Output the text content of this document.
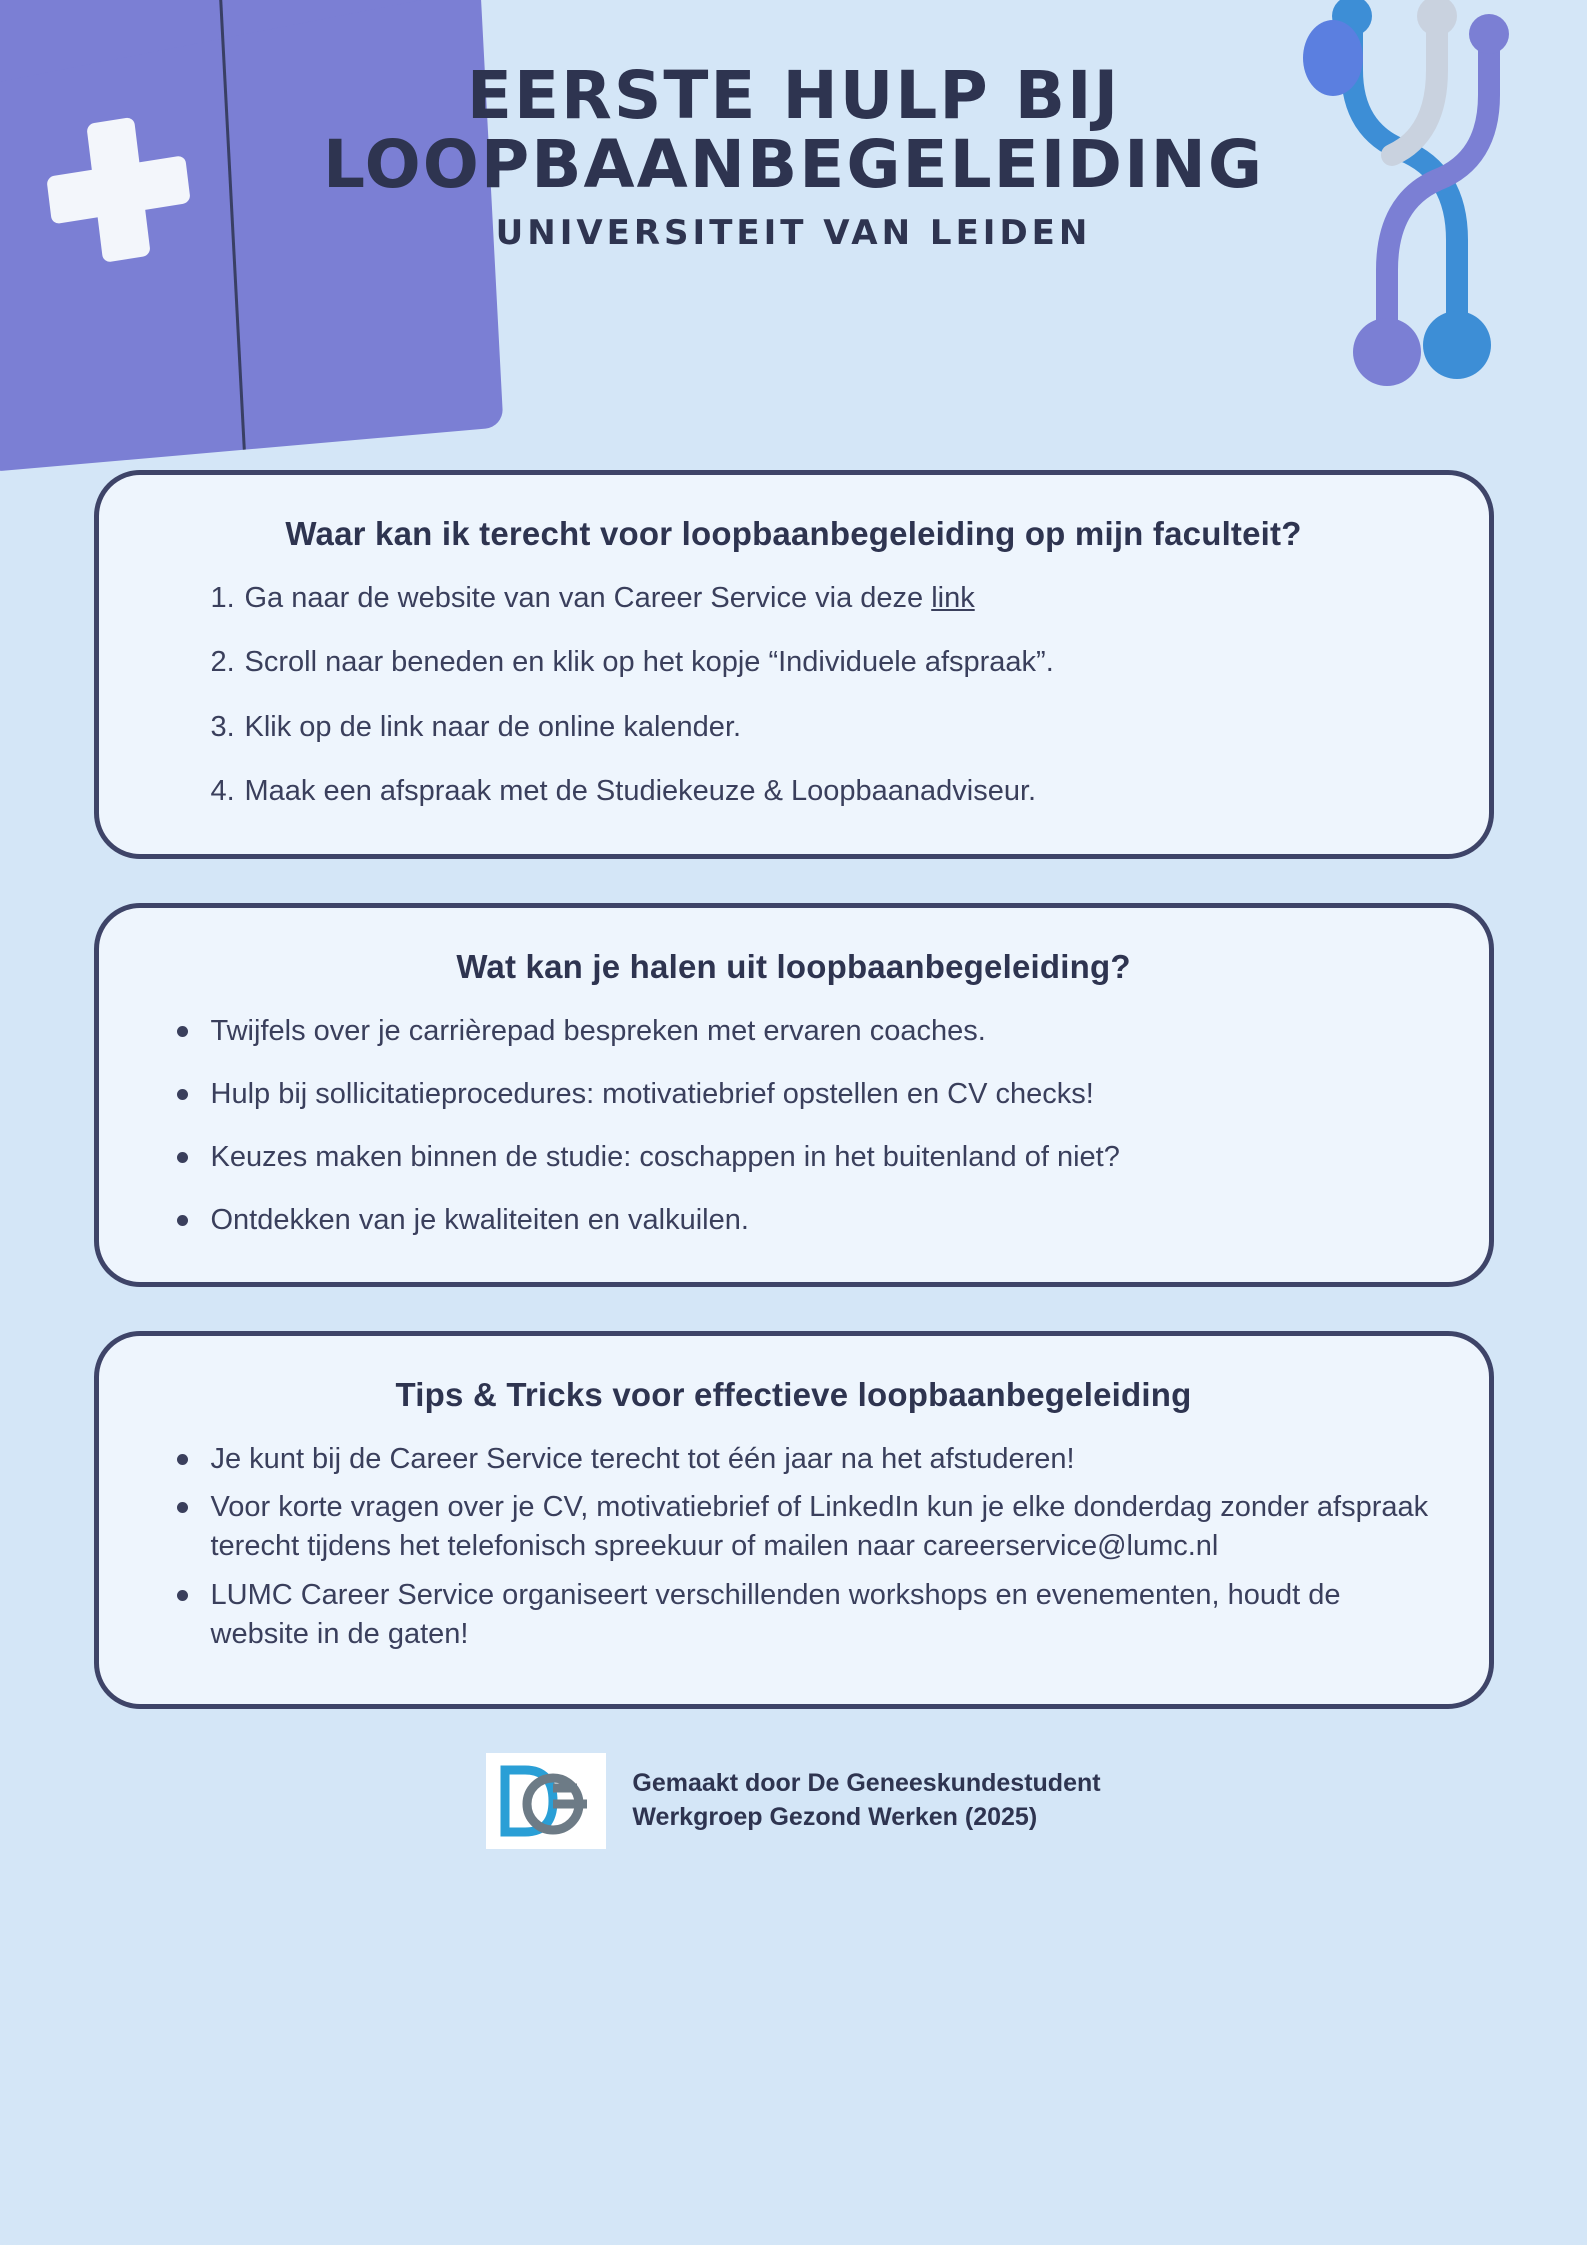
EERSTE HULP BIJ
LOOPBAANBEGELEIDING
UNIVERSITEIT VAN LEIDEN
Waar kan ik terecht voor loopbaanbegeleiding op mijn faculteit?
Ga naar de website van van Career Service via deze link
Scroll naar beneden en klik op het kopje “Individuele afspraak”.
Klik op de link naar de online kalender.
Maak een afspraak met de Studiekeuze & Loopbaanadviseur.
Wat kan je halen uit loopbaanbegeleiding?
Twijfels over je carrièrepad bespreken met ervaren coaches.
Hulp bij sollicitatieprocedures: motivatiebrief opstellen en CV checks!
Keuzes maken binnen de studie: coschappen in het buitenland of niet?
Ontdekken van je kwaliteiten en valkuilen.
Tips & Tricks voor effectieve loopbaanbegeleiding
Je kunt bij de Career Service terecht tot één jaar na het afstuderen!
Voor korte vragen over je CV, motivatiebrief of LinkedIn kun je elke donderdag zonder afspraak terecht tijdens het telefonisch spreekuur of mailen naar careerservice@lumc.nl
LUMC Career Service organiseert verschillenden workshops en evenementen, houdt de website in de gaten!
Gemaakt door De Geneeskundestudent
Werkgroep Gezond Werken (2025)
